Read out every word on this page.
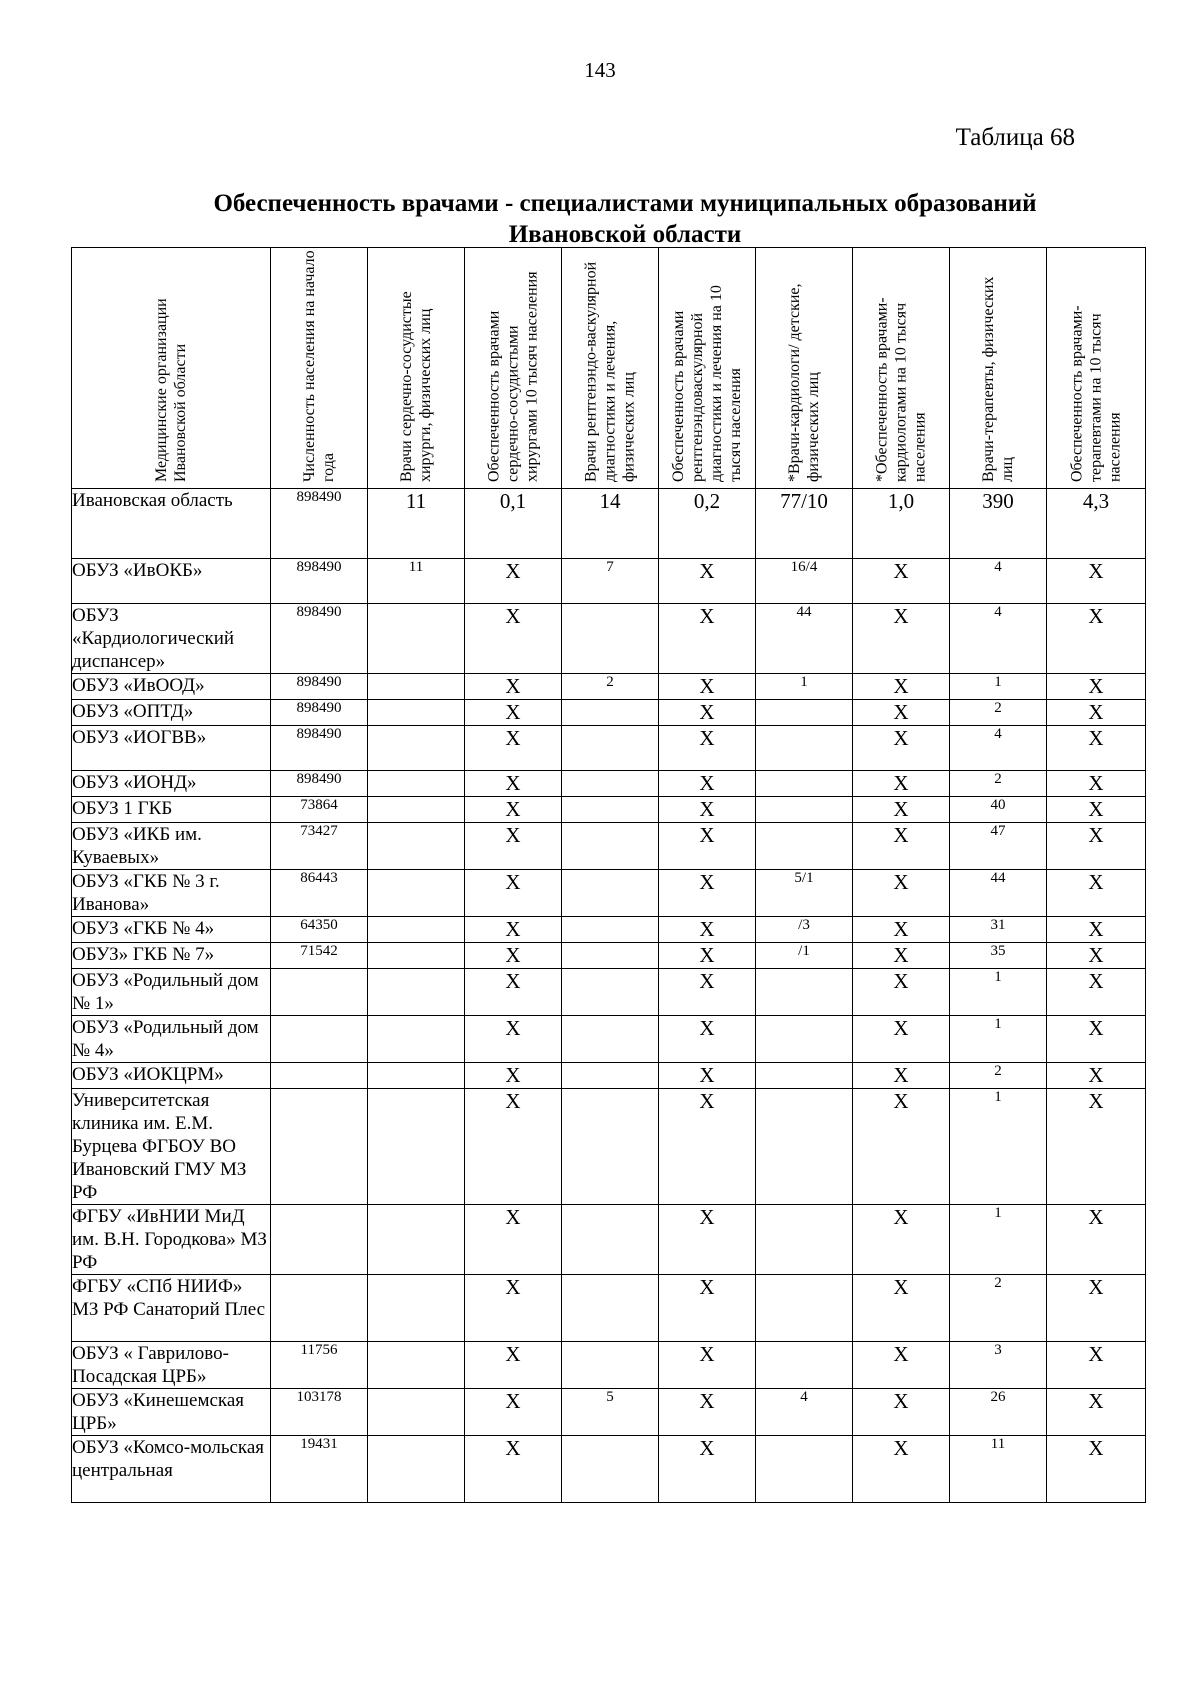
143
Таблица 68
Обеспеченность врачами - специалистами муниципальных образований Ивановской области
Медицинские организации Ивановской области	Численность населения на начало года	Врачи сердечно-сосудистые хирурги, физических лиц	Обеспеченность врачами сердечно-сосудистыми хирургами 10 тысяч населения	Врачи рентгенэндо-васкулярной диагностики и лечения, физических лиц	Обеспеченность врачами рентгенэндоваскулярной диагностики и лечения на 10 тысяч населения	*Врачи-кардиологи/ детские, физических лиц	*Обеспеченность врачами-кардиологами на 10 тысяч населения	Врачи-терапевты, физических лиц	Обеспеченность врачами-терапевтами на 10 тысяч населения

Ивановская область	898490	11	0,1	14	0,2	77/10	1,0	390	4,3
ОБУЗ «ИвОКБ»	898490	11	Х	7	Х	16/4	Х	4	Х
ОБУЗ «Кардиологический диспансер»	898490		Х		Х	44	Х	4	Х
ОБУЗ «ИвООД»	898490		Х	2	Х	1	Х	1	Х
ОБУЗ «ОПТД»	898490		Х		Х		Х	2	Х
ОБУЗ «ИОГВВ»	898490		Х		Х		Х	4	Х
ОБУЗ «ИОНД»	898490		Х		Х		Х	2	Х
ОБУЗ 1 ГКБ	73864		Х		Х		Х	40	Х
ОБУЗ «ИКБ им. Куваевых»	73427		Х		Х		Х	47	Х
ОБУЗ «ГКБ № 3 г. Иванова»	86443		Х		Х	5/1	Х	44	Х
ОБУЗ «ГКБ № 4»	64350		Х		Х	/3	Х	31	Х
ОБУЗ» ГКБ № 7»	71542		Х		Х	/1	Х	35	Х
ОБУЗ «Родильный дом № 1»			Х		Х		Х	1	Х
ОБУЗ «Родильный дом № 4»			Х		Х		Х	1	Х
ОБУЗ «ИОКЦРМ»			Х		Х		Х	2	Х
Университетская клиника им. Е.М. Бурцева ФГБОУ ВО Ивановский ГМУ МЗ РФ			Х		Х		Х	1	Х
ФГБУ «ИвНИИ МиД им. В.Н. Городкова» МЗ РФ			Х		Х		Х	1	Х
ФГБУ «СПб НИИФ» МЗ РФ Санаторий Плес			Х		Х		Х	2	Х
ОБУЗ « Гаврилово-Посадская ЦРБ»	11756		Х		Х		Х	3	Х
ОБУЗ «Кинешемская ЦРБ»	103178		Х	5	Х	4	Х	26	Х
ОБУЗ «Комсо-мольская центральная	19431		Х		Х		Х	11	Х
